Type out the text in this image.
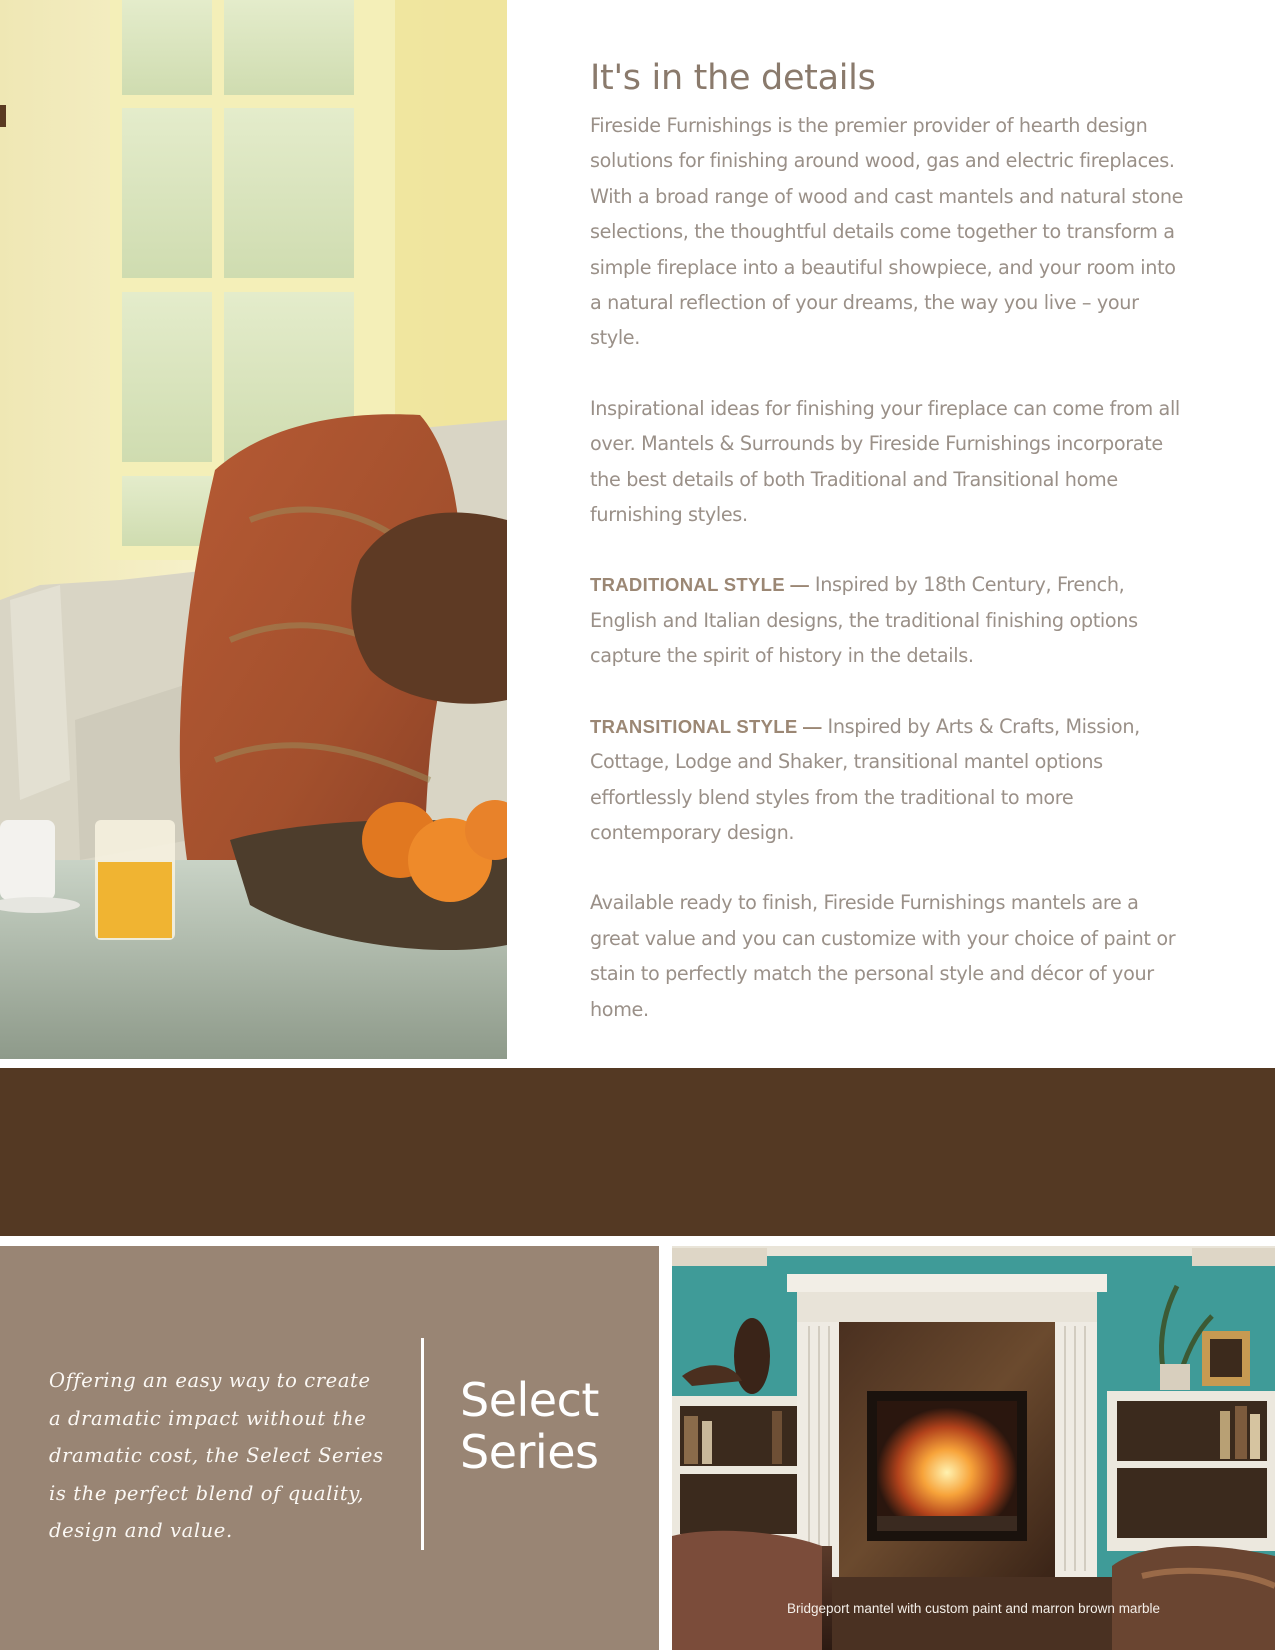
It's in the details

Fireside Furnishings is the premier provider of hearth design solutions for finishing around wood, gas and electric fireplaces. With a broad range of wood and cast mantels and natural stone selections, the thoughtful details come together to transform a simple fireplace into a beautiful showpiece, and your room into a natural reflection of your dreams, the way you live – your style.

Inspirational ideas for finishing your fireplace can come from all over. Mantels & Surrounds by Fireside Furnishings incorporate the best details of both Traditional and Transitional home furnishing styles.

TRADITIONAL STYLE — Inspired by 18th Century, French, English and Italian designs, the traditional finishing options capture the spirit of history in the details.

TRANSITIONAL STYLE — Inspired by Arts & Crafts, Mission, Cottage, Lodge and Shaker, transitional mantel options effortlessly blend styles from the traditional to more contemporary design.

Available ready to finish, Fireside Furnishings mantels are a great value and you can customize with your choice of paint or stain to perfectly match the personal style and décor of your home.

Offering an easy way to create a dramatic impact without the dramatic cost, the Select Series is the perfect blend of quality, design and value.
Select
Series
Bridgeport mantel with custom paint and marron brown marble
